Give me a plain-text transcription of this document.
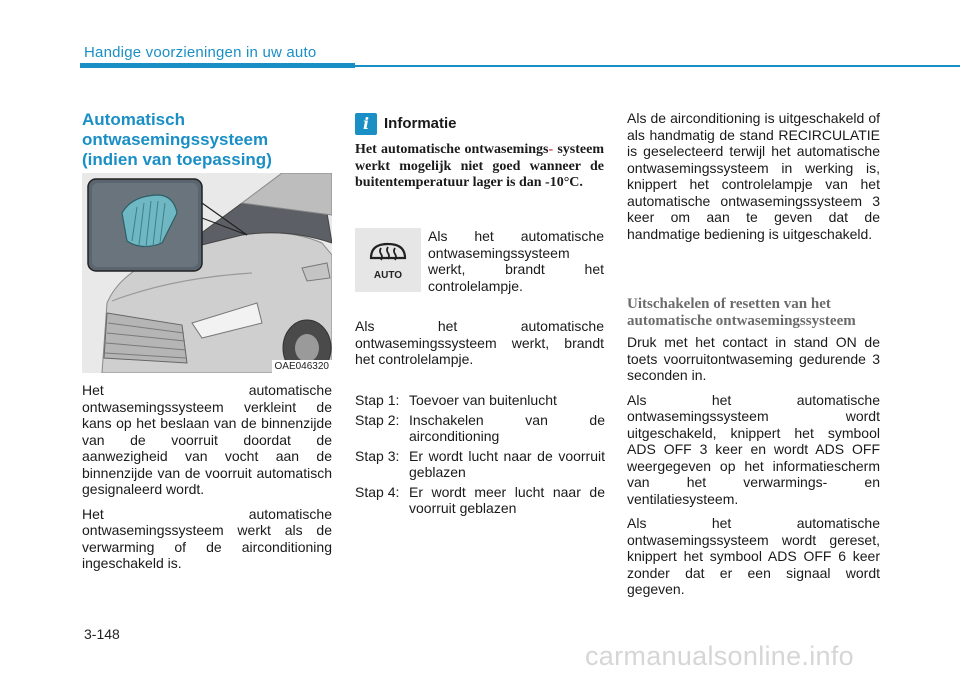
Handige voorzieningen in uw auto
Automatisch
ontwasemingssysteem
(indien van toepassing)
OAE046320

Het automatische ontwasemingssysteem verkleint de kans op het beslaan van de binnenzijde van de voorruit doordat de aanwezigheid van vocht aan de binnenzijde van de voorruit automatisch gesignaleerd wordt.

Het automatische ontwasemingssysteem werkt als de verwarming of de airconditioning ingeschakeld is.

i Informatie
Het automatische ontwasemings- systeem werkt mogelijk niet goed wanneer de buitentemperatuur lager is dan -10°C.
AUTO
Als het automatische ontwasemingssysteem werkt, brandt het controlelampje.

Als het automatische ontwasemingssysteem werkt, brandt het controlelampje.

Stap 1: Toevoer van buitenlucht
Stap 2: Inschakelen van de airconditioning
Stap 3: Er wordt lucht naar de voorruit geblazen
Stap 4: Er wordt meer lucht naar de voorruit geblazen

Als de airconditioning is uitgeschakeld of als handmatig de stand RECIRCULATIE is geselecteerd terwijl het automatische ontwasemingssysteem in werking is, knippert het controlelampje van het automatische ontwasemingssysteem 3 keer om aan te geven dat de handmatige bediening is uitgeschakeld.

Uitschakelen of resetten van het automatische ontwasemingssysteem

Druk met het contact in stand ON de toets voorruitontwaseming gedurende 3 seconden in.

Als het automatische ontwasemingssysteem wordt uitgeschakeld, knippert het symbool ADS OFF 3 keer en wordt ADS OFF weergegeven op het informatiescherm van het verwarmings- en ventilatiesysteem.

Als het automatische ontwasemingssysteem wordt gereset, knippert het symbool ADS OFF 6 keer zonder dat er een signaal wordt gegeven.

3-148
carmanualsonline.info
